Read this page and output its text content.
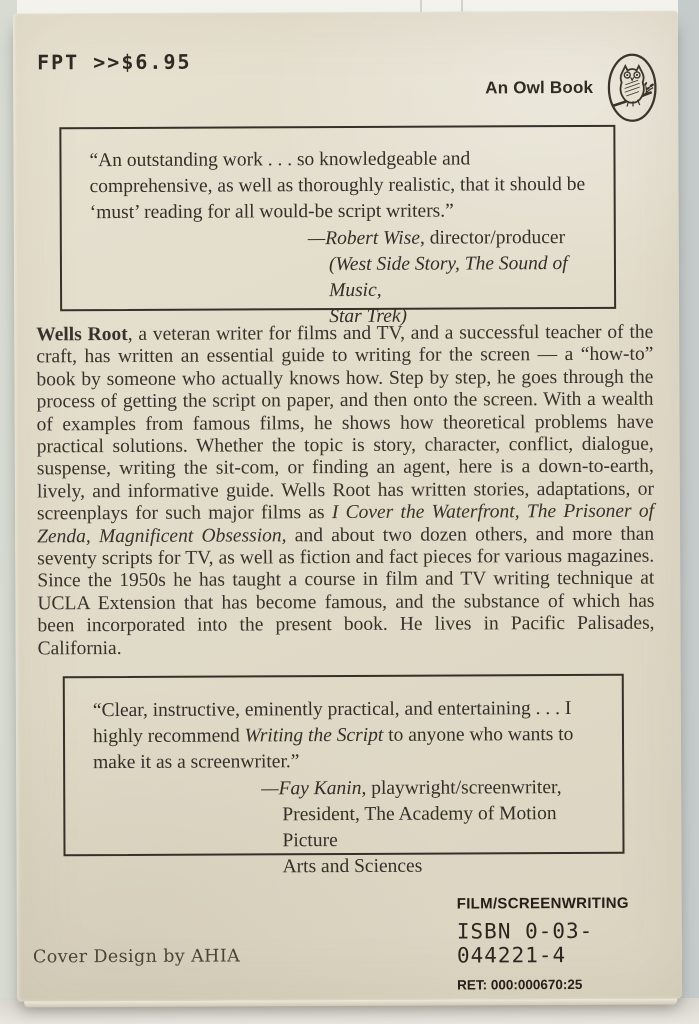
FPT >>$6.95
An Owl Book
“An outstanding work . . . so knowledgeable and comprehensive, as well as thoroughly realistic, that it should be ‘must’ reading for all would-be script writers.”
—Robert Wise, director/producer
(West Side Story, The Sound of Music,
Star Trek)
Wells Root, a veteran writer for films and TV, and a successful teacher of the craft, has written an essential guide to writing for the screen — a “how-to” book by someone who actually knows how. Step by step, he goes through the process of getting the script on paper, and then onto the screen. With a wealth of examples from famous films, he shows how theoretical problems have practical solutions. Whether the topic is story, character, conflict, dialogue, suspense, writing the sit-com, or finding an agent, here is a down-to-earth, lively, and informative guide. Wells Root has written stories, adaptations, or screenplays for such major films as I Cover the Waterfront, The Prisoner of Zenda, Magnificent Obsession, and about two dozen others, and more than seventy scripts for TV, as well as fiction and fact pieces for various magazines. Since the 1950s he has taught a course in film and TV writing technique at UCLA Extension that has become famous, and the substance of which has been incorporated into the present book. He lives in Pacific Palisades, California.
“Clear, instructive, eminently practical, and entertaining . . . I highly recommend Writing the Script to anyone who wants to make it as a screenwriter.”
—Fay Kanin, playwright/screenwriter,
President, The Academy of Motion Picture
Arts and Sciences
FILM/SCREENWRITING
ISBN 0-03-044221-4
RET: 000:000670:25
Cover Design by AHIA
